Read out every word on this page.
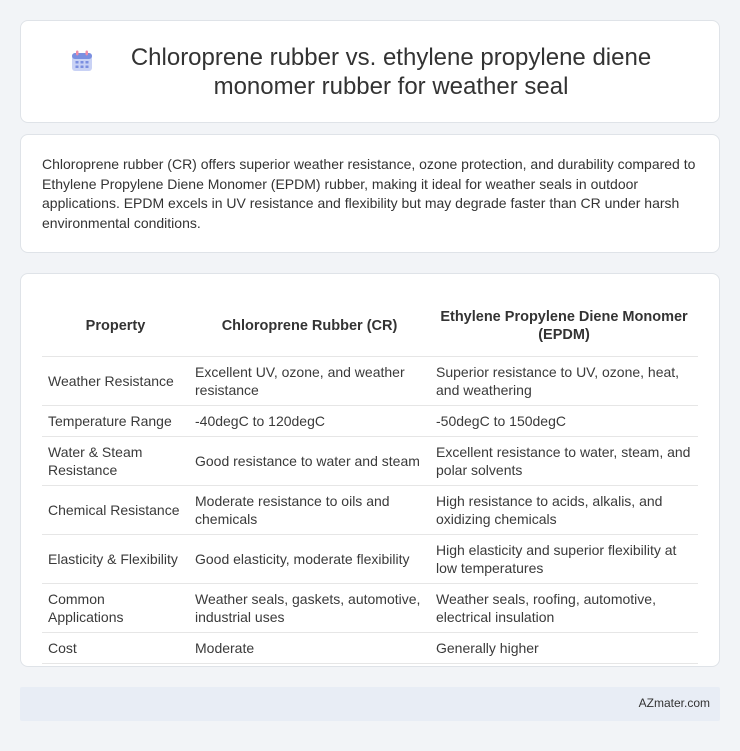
Chloroprene rubber vs. ethylene propylene diene monomer rubber for weather seal

Chloroprene rubber (CR) offers superior weather resistance, ozone protection, and durability compared to Ethylene Propylene Diene Monomer (EPDM) rubber, making it ideal for weather seals in outdoor applications. EPDM excels in UV resistance and flexibility but may degrade faster than CR under harsh environmental conditions.

Property	Chloroprene Rubber (CR)	Ethylene Propylene Diene Monomer (EPDM)
Weather Resistance	Excellent UV, ozone, and weather resistance	Superior resistance to UV, ozone, heat, and weathering
Temperature Range	-40degC to 120degC	-50degC to 150degC
Water & Steam Resistance	Good resistance to water and steam	Excellent resistance to water, steam, and polar solvents
Chemical Resistance	Moderate resistance to oils and chemicals	High resistance to acids, alkalis, and oxidizing chemicals
Elasticity & Flexibility	Good elasticity, moderate flexibility	High elasticity and superior flexibility at low temperatures
Common Applications	Weather seals, gaskets, automotive, industrial uses	Weather seals, roofing, automotive, electrical insulation
Cost	Moderate	Generally higher
AZmater.com
